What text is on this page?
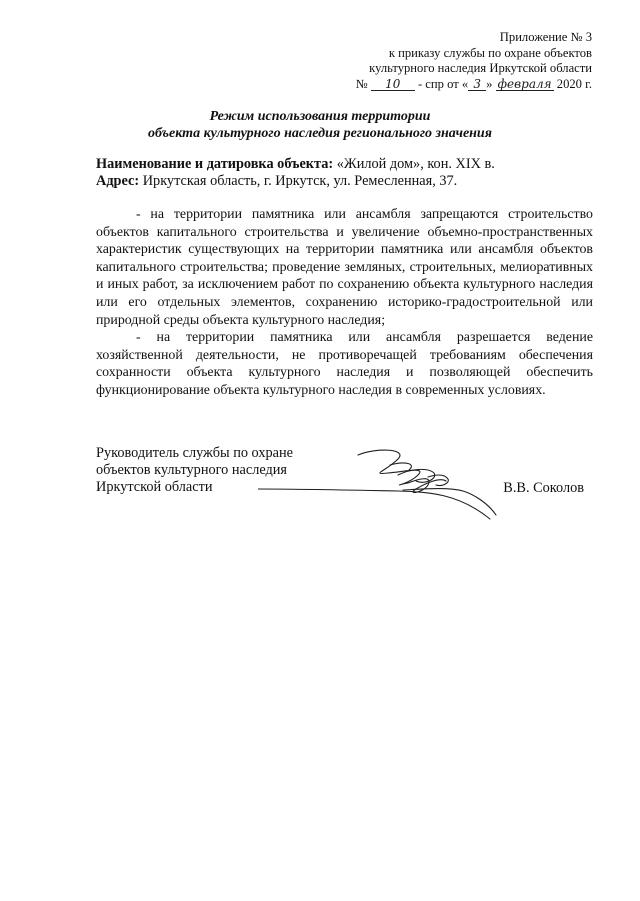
Приложение № 3
к приказу службы по охране объектов
культурного наследия Иркутской области
№ 10 - спр от « 3 » февраля 2020 г.
Режим использования территории
объекта культурного наследия регионального значения
Наименование и датировка объекта: «Жилой дом», кон. XIX в.
Адрес: Иркутская область, г. Иркутск, ул. Ремесленная, 37.

- на территории памятника или ансамбля запрещаются строительство объектов капитального строительства и увеличение объемно-пространственных характеристик существующих на территории памятника или ансамбля объектов капитального строительства; проведение земляных, строительных, мелиоративных и иных работ, за исключением работ по сохранению объекта культурного наследия или его отдельных элементов, сохранению историко-градостроительной или природной среды объекта культурного наследия;

- на территории памятника или ансамбля разрешается ведение хозяйственной деятельности, не противоречащей требованиям обеспечения сохранности объекта культурного наследия и позволяющей обеспечить функционирование объекта культурного наследия в современных условиях.

Руководитель службы по охране
объектов культурного наследия
Иркутской области	В.В. Соколов
